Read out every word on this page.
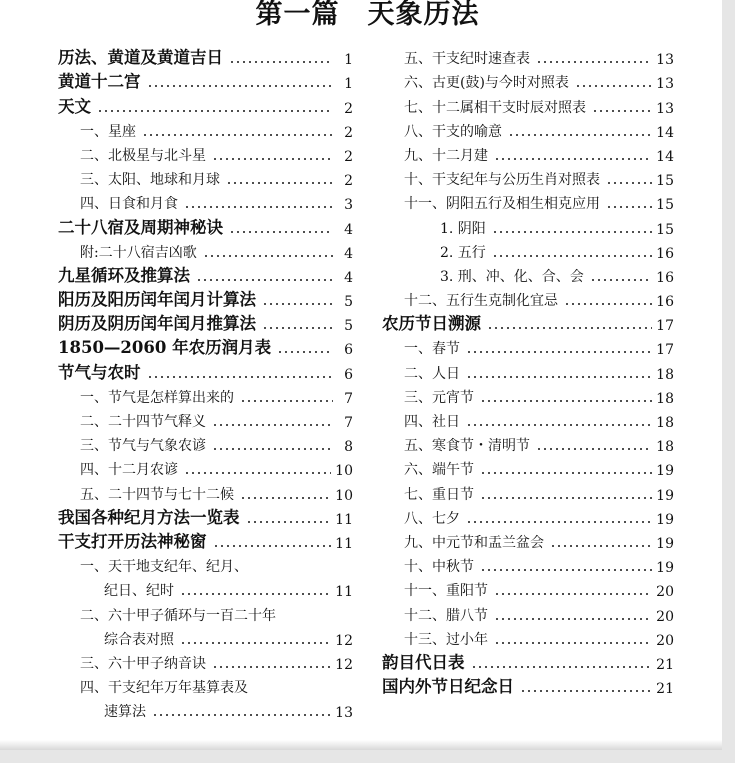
第一篇　天象历法
历法、黄道及黄道吉日	1
黄道十二宫	1
天文	2
一、星座	2
二、北极星与北斗星	2
三、太阳、地球和月球	2
四、日食和月食	3
二十八宿及周期神秘诀	4
附:二十八宿吉凶歌	4
九星循环及推算法	4
阳历及阳历闰年闰月计算法	5
阴历及阴历闰年闰月推算法	5
1850—2060 年农历润月表	6
节气与农时	6
一、节气是怎样算出来的	7
二、二十四节气释义	7
三、节气与气象农谚	8
四、十二月农谚	10
五、二十四节与七十二候	10
我国各种纪月方法一览表	11
干支打开历法神秘窗	11
一、天干地支纪年、纪月、
纪日、纪时	11
二、六十甲子循环与一百二十年
综合表对照	12
三、六十甲子纳音诀	12
四、干支纪年万年基算表及
速算法	13
五、干支纪时速查表	13
六、古更(鼓)与今时对照表	13
七、十二属相干支时辰对照表	13
八、干支的喻意	14
九、十二月建	14
十、干支纪年与公历生肖对照表	15
十一、阴阳五行及相生相克应用	15
1. 阴阳	15
2. 五行	16
3. 刑、冲、化、合、会	16
十二、五行生克制化宜忌	16
农历节日溯源	17
一、春节	17
二、人日	18
三、元宵节	18
四、社日	18
五、寒食节・清明节	18
六、端午节	19
七、重日节	19
八、七夕	19
九、中元节和盂兰盆会	19
十、中秋节	19
十一、重阳节	20
十二、腊八节	20
十三、过小年	20
韵目代日表	21
国内外节日纪念日	21
